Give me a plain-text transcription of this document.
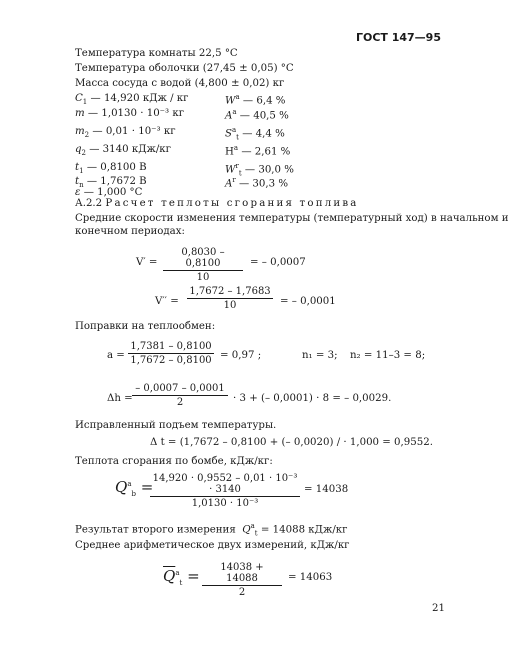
ГОСТ 147—95
Температура комнаты 22,5 °С
Температура оболочки (27,45 ± 0,05) °С
Масса сосуда с водой (4,800 ± 0,02) кг
$C_1$ — 14,920 кДж / кг
m — 1,0130 · 10⁻³ кг
$m_2$ — 0,01 · 10⁻³ кг
$q_2$ — 3140 кДж/кг
$t_1$ — 0,8100 В
$t_n$ — 1,7672 В
ε — 1,000 °С
$W^a$ — 6,4 %
$A^a$ — 40,5 %
$S^a_t$ — 4,4 %
$H^a$ — 2,61 %
$W^r_t$ — 30,0 %
$A^r$ — 30,3 %
А.2.2 Расчет теплоты сгорания топлива
Средние скорости изменения температуры (температурный ход) в начальном и
конечном периодах:
$V' = \frac{0,8030 - 0,8100}{10}$ = – 0,0007
$V'' = \frac{1,7672 - 1,7683}{10}$ = – 0,0001
Поправки на теплообмен:
$a = \frac{1,7381 - 0,8100}{1,7672 - 0,8100} = 0,97$ ;	n₁ = 3; n₂ = 11–3 = 8;
$\Delta h = \frac{- 0,0007 - 0,0001}{2} \cdot 3$ + (– 0,0001) · 8 = – 0,0029.
Исправленный подъем температуры.
Δ t = (1,7672 – 0,8100 + (– 0,0020) / · 1,000 = 0,9552.
Теплота сгорания по бомбе, кДж/кг:
$Q^a_b$ =
$\frac{\text{14,920 · 0,9552 – 0,01 · 10⁻³ · 3140}}{\text{1,0130 · 10⁻³}} = 14038$
Результат второго измерения $Q^a_t = 14088$ кДж/кг
Среднее арифметическое двух измерений, кДж/кг
$\overline{Q}^a_t = \frac{14038 + 14088}{2} = 14063$
21
